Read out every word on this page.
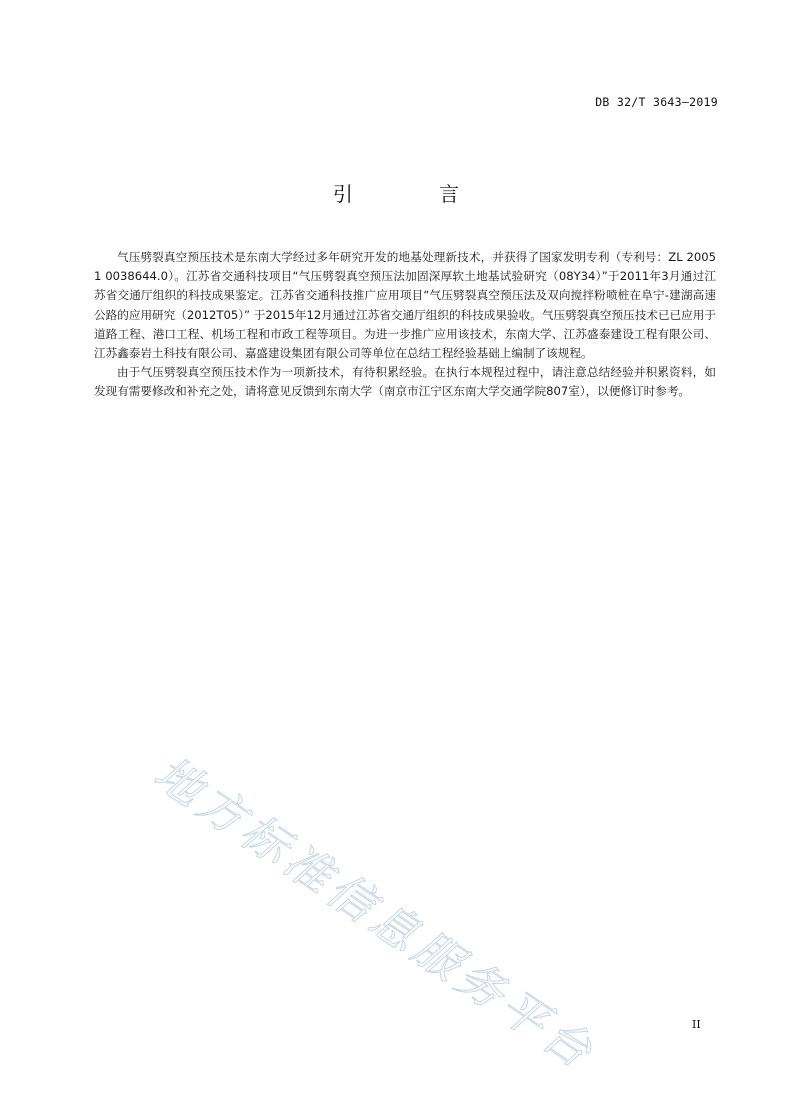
DB 32/T 3643—2019
引 言

气压劈裂真空预压技术是东南大学经过多年研究开发的地基处理新技术，并获得了国家发明专利（专利号：ZL 2005 1 0038644.0）。江苏省交通科技项目“气压劈裂真空预压法加固深厚软土地基试验研究（08Y34）”于2011年3月通过江苏省交通厅组织的科技成果鉴定。江苏省交通科技推广应用项目“气压劈裂真空预压法及双向搅拌粉喷桩在阜宁-建湖高速公路的应用研究（2012T05）” 于2015年12月通过江苏省交通厅组织的科技成果验收。气压劈裂真空预压技术已已应用于道路工程、港口工程、机场工程和市政工程等项目。为进一步推广应用该技术，东南大学、江苏盛泰建设工程有限公司、江苏鑫泰岩土科技有限公司、嘉盛建设集团有限公司等单位在总结工程经验基础上编制了该规程。

由于气压劈裂真空预压技术作为一项新技术，有待积累经验。在执行本规程过程中，请注意总结经验并积累资料，如发现有需要修改和补充之处，请将意见反馈到东南大学（南京市江宁区东南大学交通学院807室），以便修订时参考。

地方标准信息服务平台	II
